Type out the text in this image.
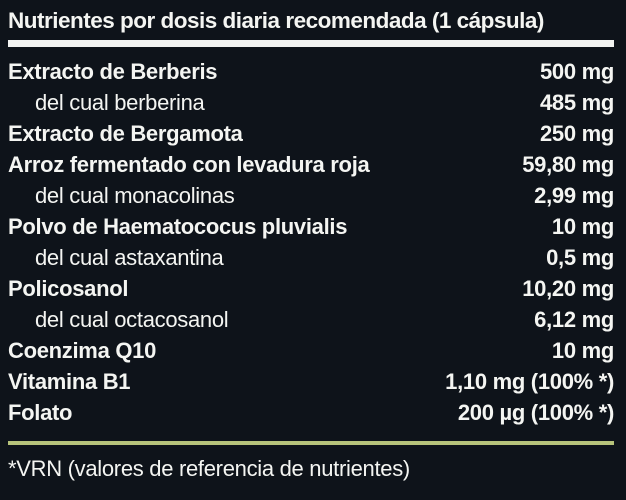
Nutrientes por dosis diaria recomendada (1 cápsula)
Extracto de Berberis	500 mg
del cual berberina	485 mg
Extracto de Bergamota	250 mg
Arroz fermentado con levadura roja	59,80 mg
del cual monacolinas	2,99 mg
Polvo de Haematococus pluvialis	10 mg
del cual astaxantina	0,5 mg
Policosanol	10,20 mg
del cual octacosanol	6,12 mg
Coenzima Q10	10 mg
Vitamina B1	1,10 mg (100% *)
Folato	200 µg (100% *)
*VRN (valores de referencia de nutrientes)
